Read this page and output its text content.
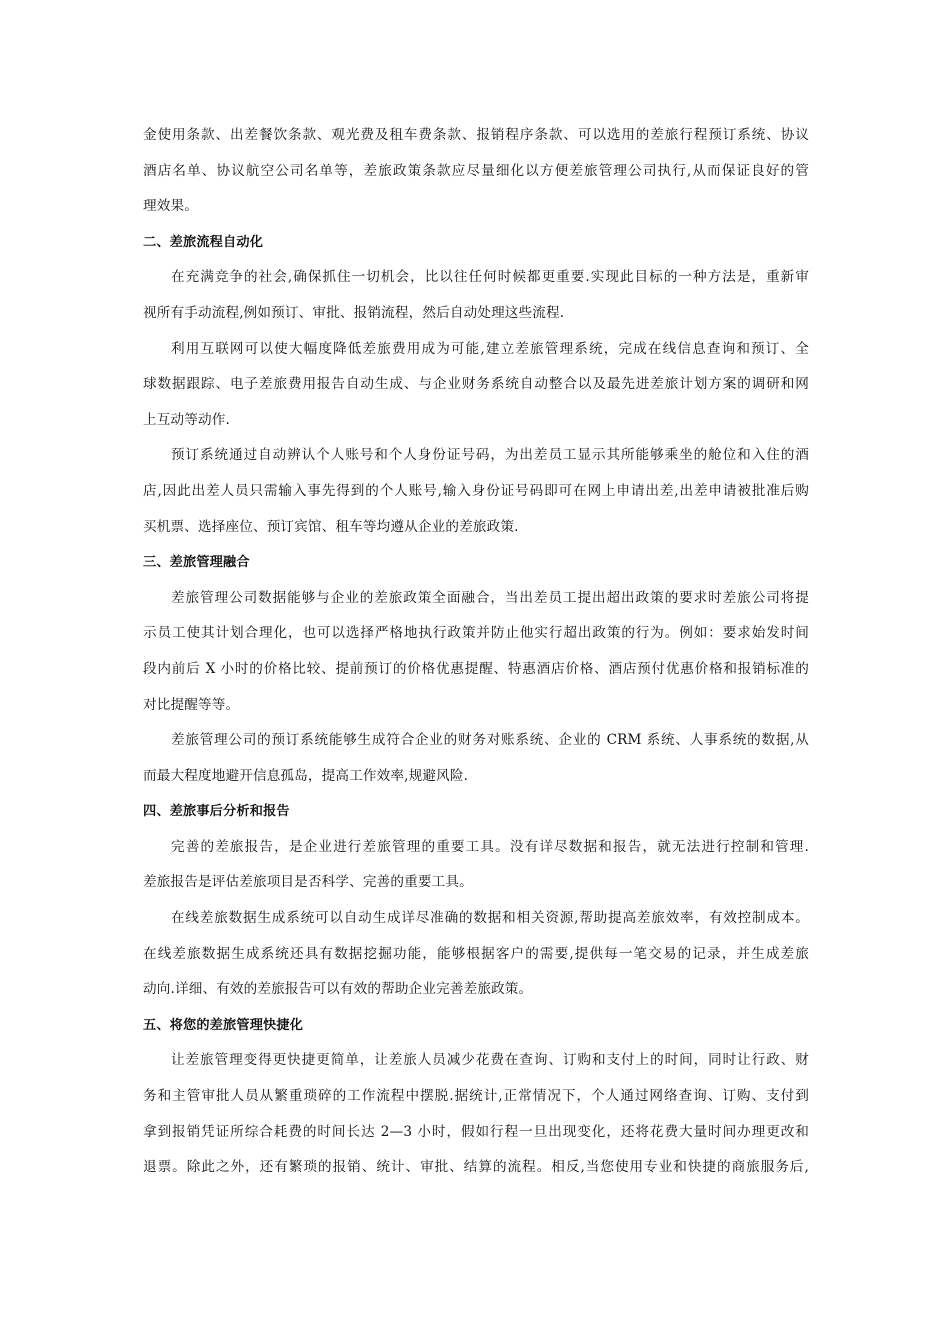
金使用条款、出差餐饮条款、观光费及租车费条款、报销程序条款、可以选用的差旅行程预订系统、协议
酒店名单、协议航空公司名单等，差旅政策条款应尽量细化以方便差旅管理公司执行,从而保证良好的管
理效果。
二、差旅流程自动化
在充满竞争的社会,确保抓住一切机会，比以往任何时候都更重要.实现此目标的一种方法是，重新审
视所有手动流程,例如预订、审批、报销流程，然后自动处理这些流程.
利用互联网可以使大幅度降低差旅费用成为可能,建立差旅管理系统，完成在线信息查询和预订、全
球数据跟踪、电子差旅费用报告自动生成、与企业财务系统自动整合以及最先进差旅计划方案的调研和网
上互动等动作.
预订系统通过自动辨认个人账号和个人身份证号码，为出差员工显示其所能够乘坐的舱位和入住的酒
店,因此出差人员只需输入事先得到的个人账号,输入身份证号码即可在网上申请出差,出差申请被批准后购
买机票、选择座位、预订宾馆、租车等均遵从企业的差旅政策.
三、差旅管理融合
差旅管理公司数据能够与企业的差旅政策全面融合，当出差员工提出超出政策的要求时差旅公司将提
示员工使其计划合理化，也可以选择严格地执行政策并防止他实行超出政策的行为。例如：要求始发时间
段内前后 X 小时的价格比较、提前预订的价格优惠提醒、特惠酒店价格、酒店预付优惠价格和报销标准的
对比提醒等等。
差旅管理公司的预订系统能够生成符合企业的财务对账系统、企业的 CRM 系统、人事系统的数据,从
而最大程度地避开信息孤岛，提高工作效率,规避风险.
四、差旅事后分析和报告
完善的差旅报告，是企业进行差旅管理的重要工具。没有详尽数据和报告，就无法进行控制和管理.
差旅报告是评估差旅项目是否科学、完善的重要工具。
在线差旅数据生成系统可以自动生成详尽准确的数据和相关资源,帮助提高差旅效率，有效控制成本。
在线差旅数据生成系统还具有数据挖掘功能，能够根据客户的需要,提供每一笔交易的记录，并生成差旅
动向.详细、有效的差旅报告可以有效的帮助企业完善差旅政策。
五、将您的差旅管理快捷化
让差旅管理变得更快捷更简单，让差旅人员减少花费在查询、订购和支付上的时间，同时让行政、财
务和主管审批人员从繁重琐碎的工作流程中摆脱.据统计,正常情况下，个人通过网络查询、订购、支付到
拿到报销凭证所综合耗费的时间长达 2—3 小时，假如行程一旦出现变化，还将花费大量时间办理更改和
退票。除此之外，还有繁琐的报销、统计、审批、结算的流程。相反,当您使用专业和快捷的商旅服务后,
